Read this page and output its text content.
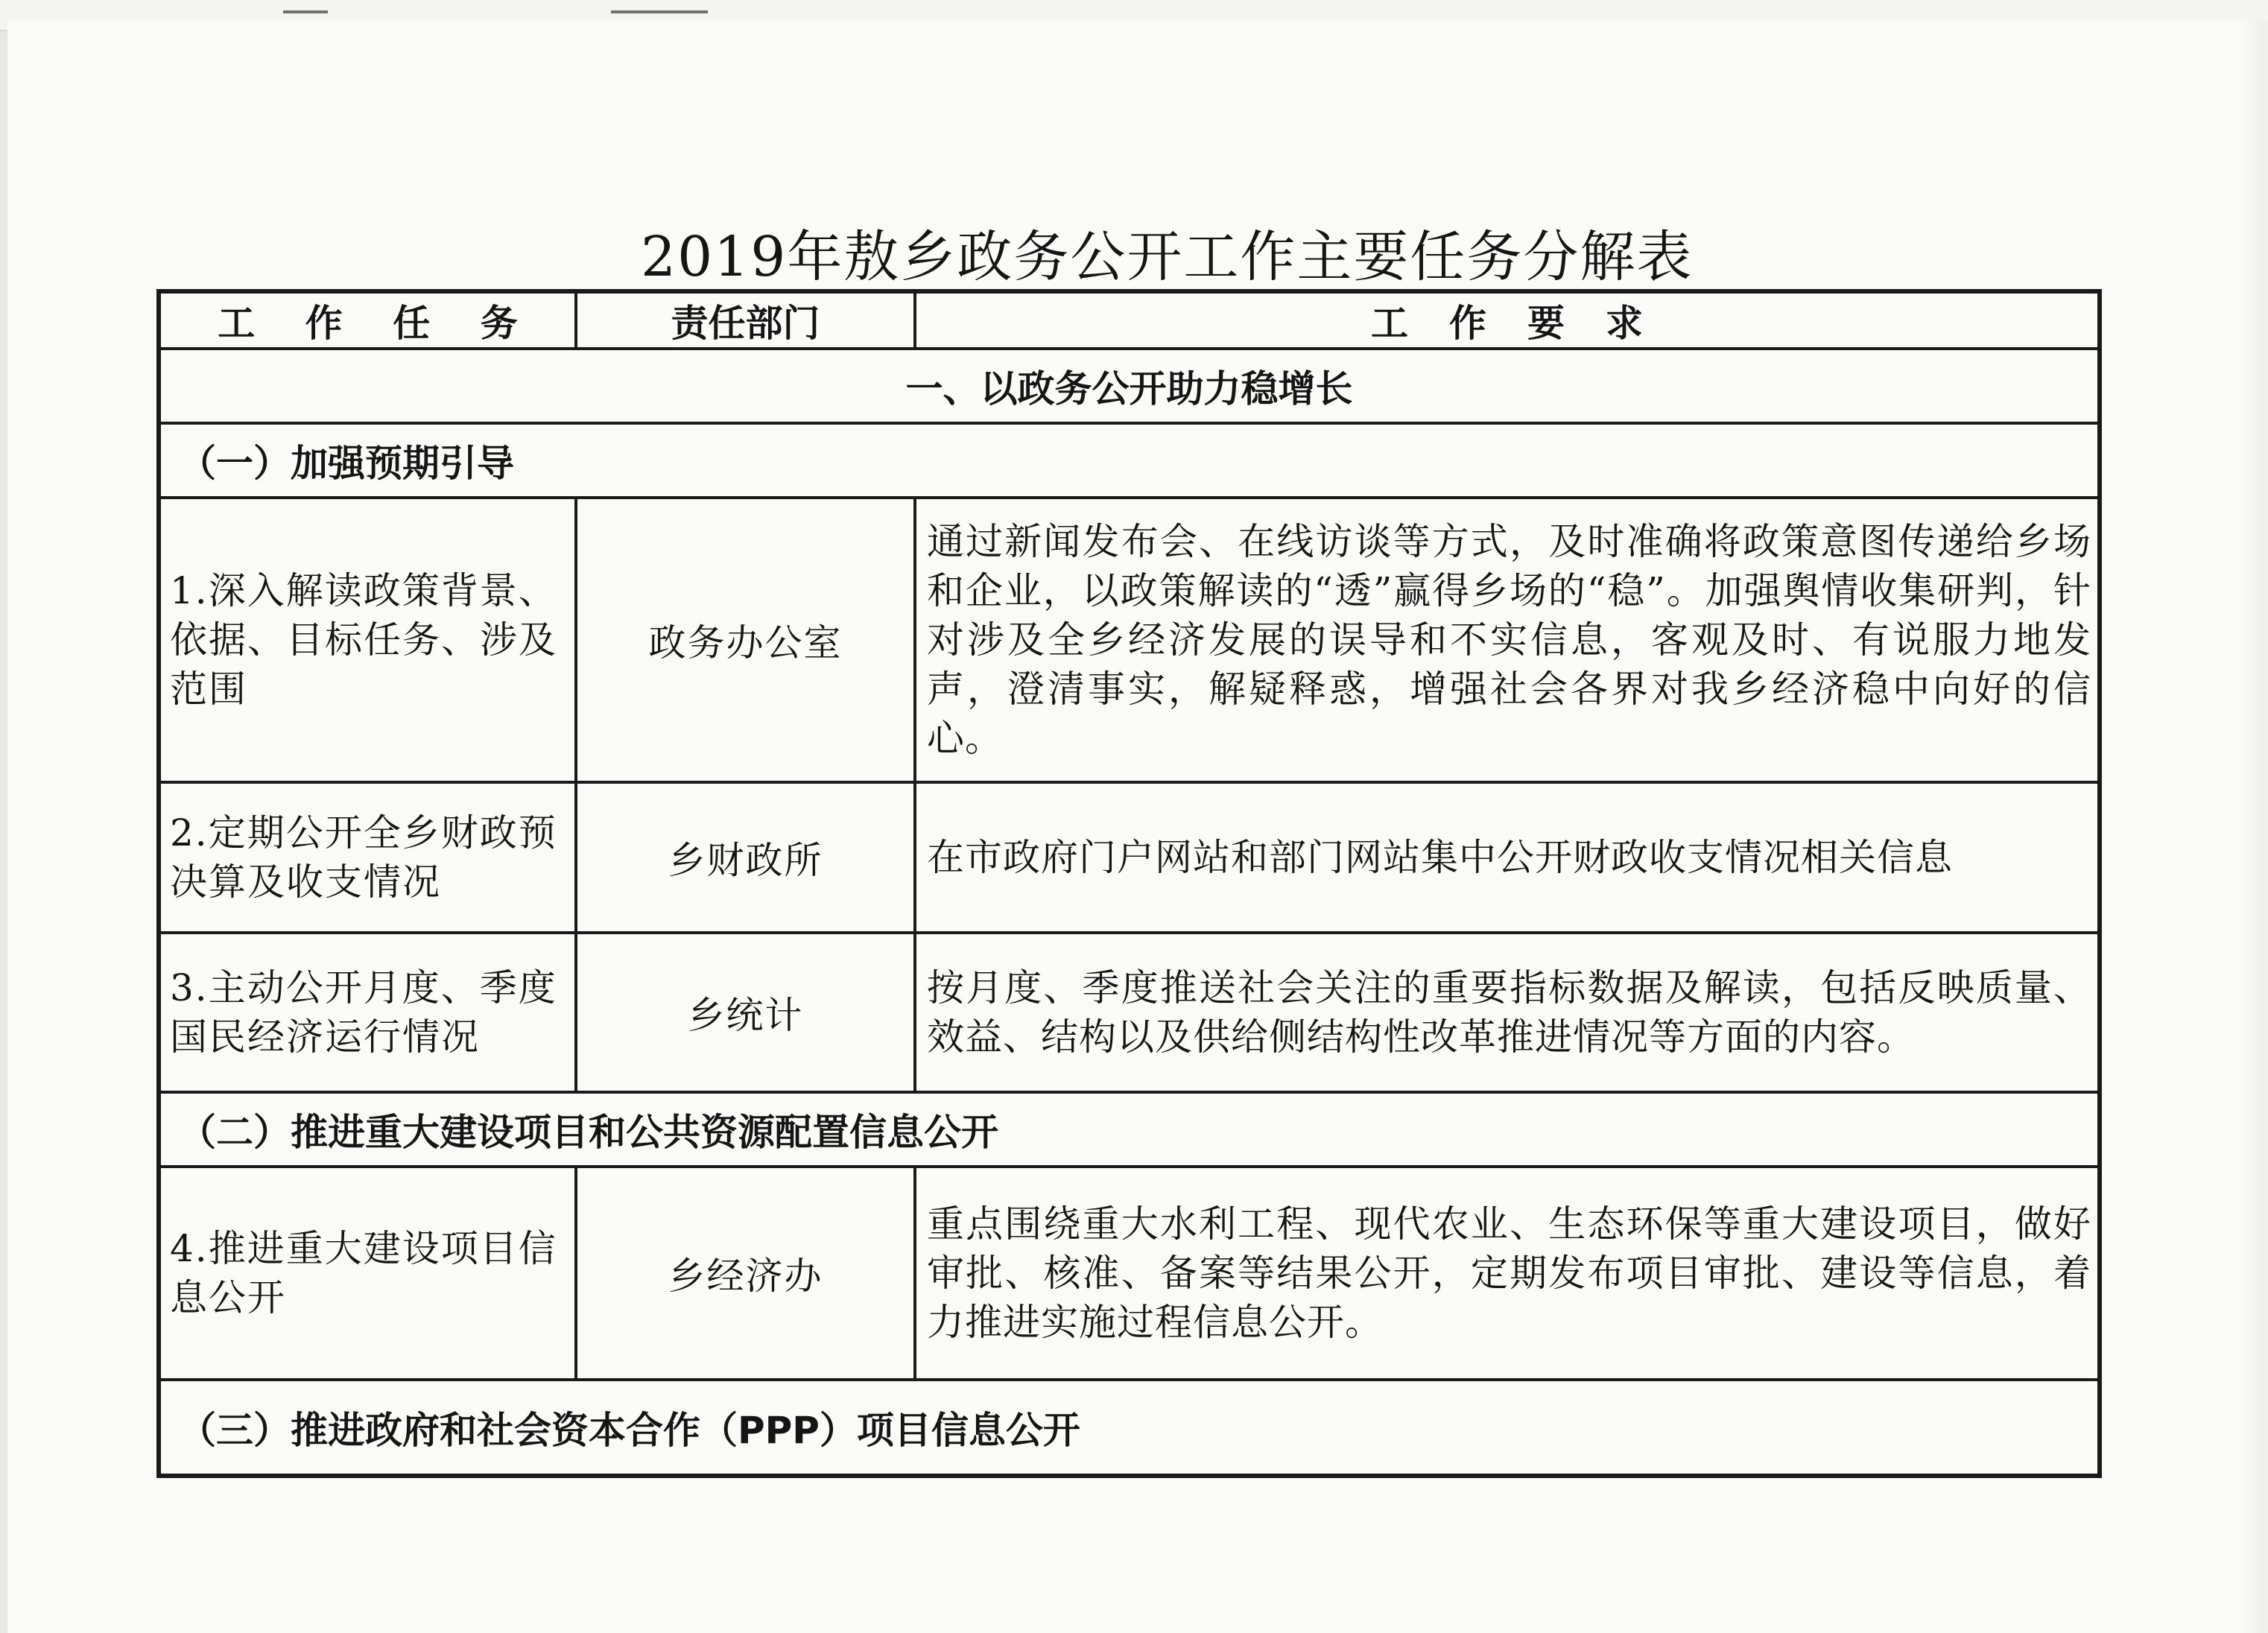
2019年敖乡政务公开工作主要任务分解表
工作任务	责任部门	工作要求
一、以政务公开助力稳增长		
（一）加强预期引导		
1.深入解读政策背景、依据、目标任务、涉及范围	政务办公室	通过新闻发布会、在线访谈等方式，及时准确将政策意图传递给乡场和企业，以政策解读的“透”赢得乡场的“稳”。加强舆情收集研判，针对涉及全乡经济发展的误导和不实信息，客观及时、有说服力地发声，澄清事实，解疑释惑，增强社会各界对我乡经济稳中向好的信心。
2.定期公开全乡财政预决算及收支情况	乡财政所	在市政府门户网站和部门网站集中公开财政收支情况相关信息
3.主动公开月度、季度国民经济运行情况	乡统计	按月度、季度推送社会关注的重要指标数据及解读，包括反映质量、效益、结构以及供给侧结构性改革推进情况等方面的内容。
（二）推进重大建设项目和公共资源配置信息公开		
4.推进重大建设项目信息公开	乡经济办	重点围绕重大水利工程、现代农业、生态环保等重大建设项目，做好审批、核准、备案等结果公开，定期发布项目审批、建设等信息，着力推进实施过程信息公开。
（三）推进政府和社会资本合作（PPP）项目信息公开		
